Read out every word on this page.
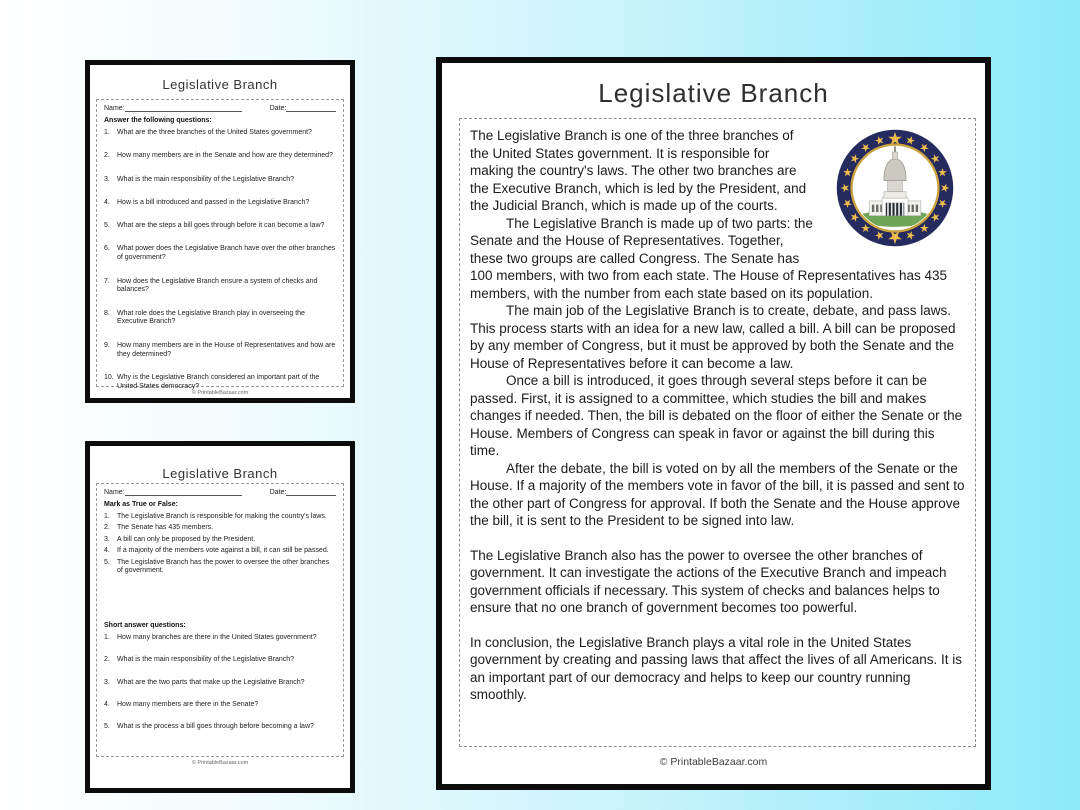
Legislative Branch
Name:	Date:
Answer the following questions:
1.	What are the three branches of the United States government?
2.	How many members are in the Senate and how are they determined?
3.	What is the main responsibility of the Legislative Branch?
4.	How is a bill introduced and passed in the Legislative Branch?
5.	What are the steps a bill goes through before it can become a law?
6.	What power does the Legislative Branch have over the other branches of government?
7.	How does the Legislative Branch ensure a system of checks and balances?
8.	What role does the Legislative Branch play in overseeing the Executive Branch?
9.	How many members are in the House of Representatives and how are they determined?
10. Why is the Legislative Branch considered an important part of the United States democracy?
© PrintableBazaar.com
Legislative Branch
Name:	Date:
Mark as True or False:
1.	The Legislative Branch is responsible for making the country's laws.
2.	The Senate has 435 members.
3.	A bill can only be proposed by the President.
4.	If a majority of the members vote against a bill, it can still be passed.
5.	The Legislative Branch has the power to oversee the other branches of government.
Short answer questions:
1.	How many branches are there in the United States government?
2.	What is the main responsibility of the Legislative Branch?
3.	What are the two parts that make up the Legislative Branch?
4.	How many members are there in the Senate?
5.	What is the process a bill goes through before becoming a law?
© PrintableBazaar.com
Legislative Branch

The Legislative Branch is one of the three branches of the United States government. It is responsible for making the country's laws. The other two branches are the Executive Branch, which is led by the President, and the Judicial Branch, which is made up of the courts.

The Legislative Branch is made up of two parts: the Senate and the House of Representatives. Together, these two groups are called Congress. The Senate has 100 members, with two from each state. The House of Representatives has 435 members, with the number from each state based on its population.

The main job of the Legislative Branch is to create, debate, and pass laws. This process starts with an idea for a new law, called a bill. A bill can be proposed by any member of Congress, but it must be approved by both the Senate and the House of Representatives before it can become a law.

Once a bill is introduced, it goes through several steps before it can be passed. First, it is assigned to a committee, which studies the bill and makes changes if needed. Then, the bill is debated on the floor of either the Senate or the House. Members of Congress can speak in favor or against the bill during this time.

After the debate, the bill is voted on by all the members of the Senate or the House. If a majority of the members vote in favor of the bill, it is passed and sent to the other part of Congress for approval. If both the Senate and the House approve the bill, it is sent to the President to be signed into law.

The Legislative Branch also has the power to oversee the other branches of government. It can investigate the actions of the Executive Branch and impeach government officials if necessary. This system of checks and balances helps to ensure that no one branch of government becomes too powerful.

In conclusion, the Legislative Branch plays a vital role in the United States government by creating and passing laws that affect the lives of all Americans. It is an important part of our democracy and helps to keep our country running smoothly.

© PrintableBazaar.com
